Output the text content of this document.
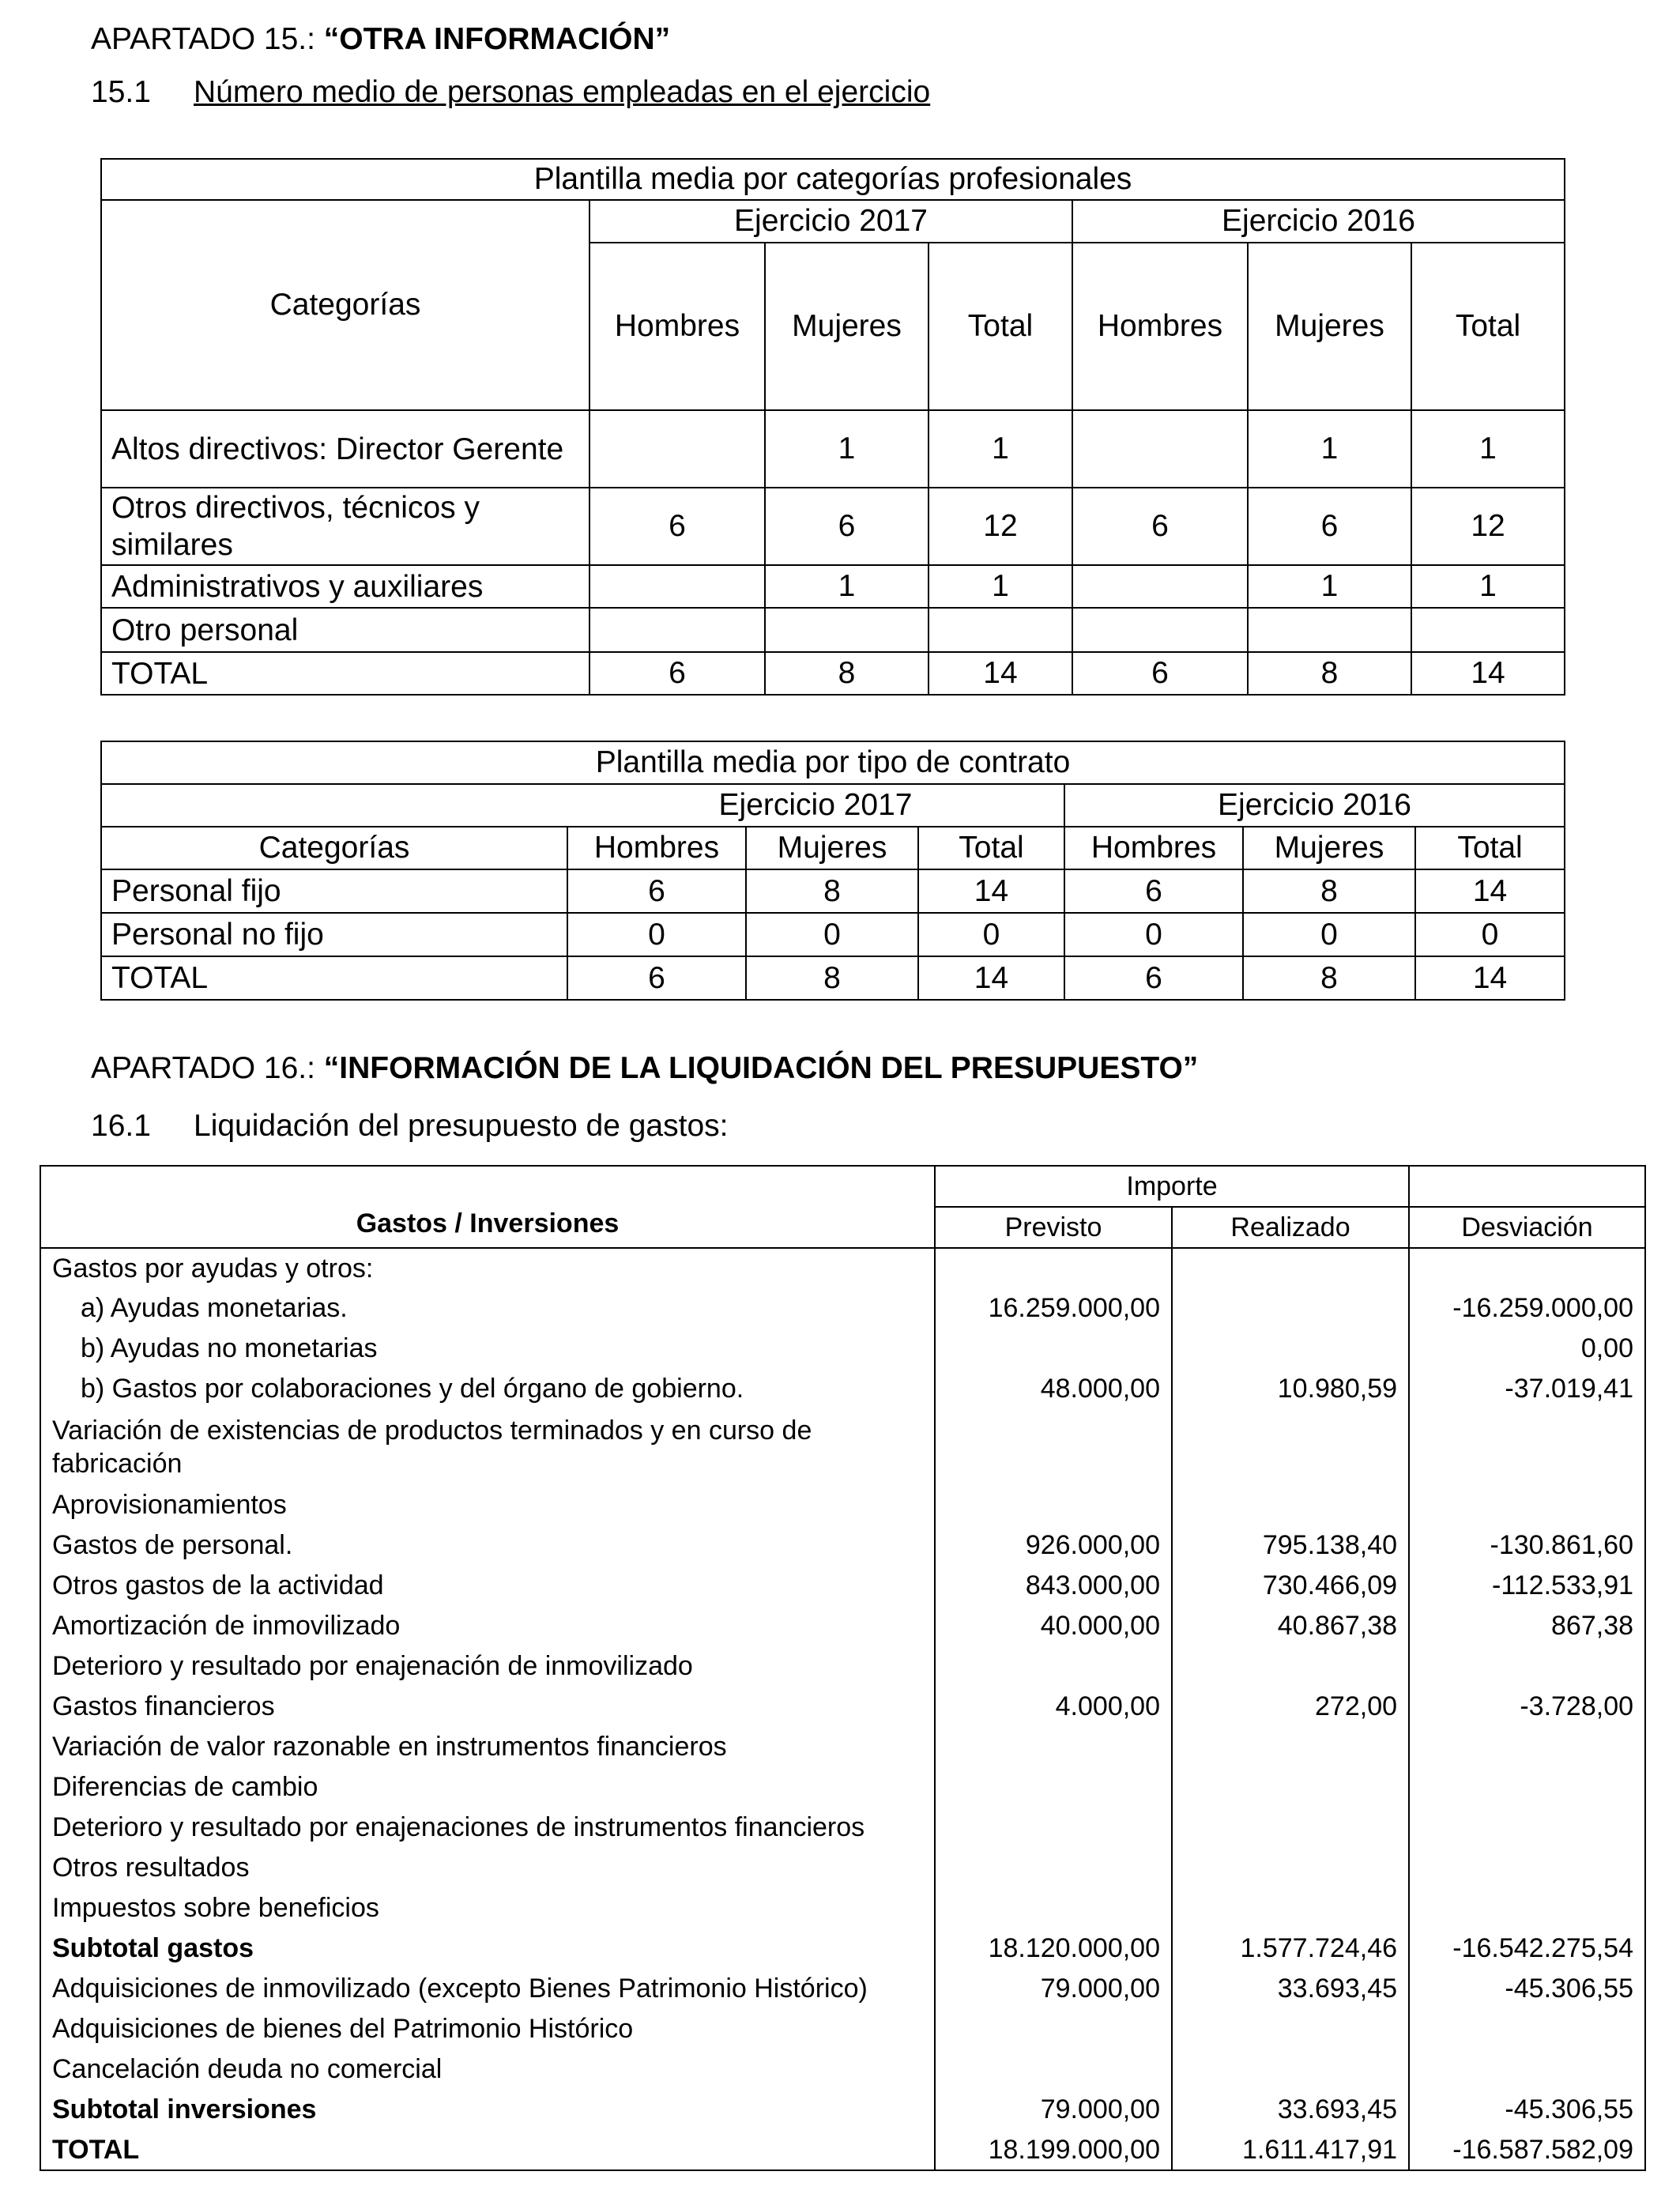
APARTADO 15.: “OTRA INFORMACIÓN”
15.1 Número medio de personas empleadas en el ejercicio
Plantilla media por categorías profesionales						
Categorías	Ejercicio 2017			Ejercicio 2016		
	Hombres	Mujeres	Total	Hombres	Mujeres	Total
Altos directivos: Director Gerente		1	1		1	1
Otros directivos, técnicos y similares	6	6	12	6	6	12
Administrativos y auxiliares		1	1		1	1
Otro personal						
TOTAL	6	8	14	6	8	14
Plantilla media por tipo de contrato						
	Ejercicio 2017			Ejercicio 2016		
Categorías	Hombres	Mujeres	Total	Hombres	Mujeres	Total
Personal fijo	6	8	14	6	8	14
Personal no fijo	0	0	0	0	0	0
TOTAL	6	8	14	6	8	14
APARTADO 16.: “INFORMACIÓN DE LA LIQUIDACIÓN DEL PRESUPUESTO”
16.1 Liquidación del presupuesto de gastos:
Gastos / Inversiones	Importe		
	Previsto	Realizado	Desviación
Gastos por ayudas y otros:			
a) Ayudas monetarias.	16.259.000,00		-16.259.000,00
b) Ayudas no monetarias			0,00
b) Gastos por colaboraciones y del órgano de gobierno.	48.000,00	10.980,59	-37.019,41
Variación de existencias de productos terminados y en curso de fabricación			
Aprovisionamientos			
Gastos de personal.	926.000,00	795.138,40	-130.861,60
Otros gastos de la actividad	843.000,00	730.466,09	-112.533,91
Amortización de inmovilizado	40.000,00	40.867,38	867,38
Deterioro y resultado por enajenación de inmovilizado			
Gastos financieros	4.000,00	272,00	-3.728,00
Variación de valor razonable en instrumentos financieros			
Diferencias de cambio			
Deterioro y resultado por enajenaciones de instrumentos financieros			
Otros resultados			
Impuestos sobre beneficios			
Subtotal gastos	18.120.000,00	1.577.724,46	-16.542.275,54
Adquisiciones de inmovilizado (excepto Bienes Patrimonio Histórico)	79.000,00	33.693,45	-45.306,55
Adquisiciones de bienes del Patrimonio Histórico			
Cancelación deuda no comercial			
Subtotal inversiones	79.000,00	33.693,45	-45.306,55
TOTAL	18.199.000,00	1.611.417,91	-16.587.582,09
